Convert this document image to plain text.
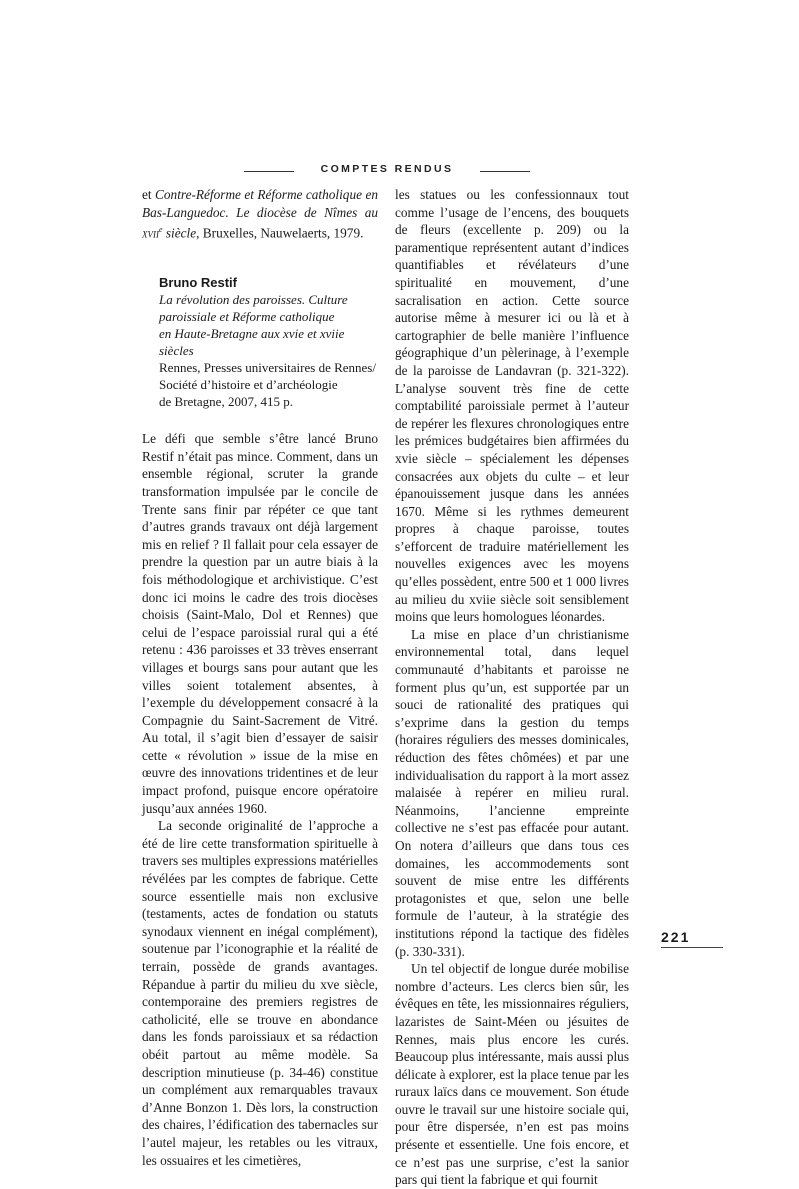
COMPTES RENDUS

et Contre-Réforme et Réforme catholique en Bas-Languedoc. Le diocèse de Nîmes au xvii$^e$ siècle, Bruxelles, Nauwelaerts, 1979.

Bruno Restif
La révolution des paroisses. Culture
paroissiale et Réforme catholique
en Haute-Bretagne aux xvie et xviie siècles
Rennes, Presses universitaires de Rennes/
Société d’histoire et d’archéologie
de Bretagne, 2007, 415 p.

Le défi que semble s’être lancé Bruno Restif n’était pas mince. Comment, dans un ensemble régional, scruter la grande transformation impulsée par le concile de Trente sans finir par répéter ce que tant d’autres grands travaux ont déjà largement mis en relief ? Il fallait pour cela essayer de prendre la question par un autre biais à la fois méthodologique et archivistique. C’est donc ici moins le cadre des trois diocèses choisis (Saint-Malo, Dol et Rennes) que celui de l’espace paroissial rural qui a été retenu : 436 paroisses et 33 trèves enserrant villages et bourgs sans pour autant que les villes soient totalement absentes, à l’exemple du développement consacré à la Compagnie du Saint-Sacrement de Vitré. Au total, il s’agit bien d’essayer de saisir cette « révolution » issue de la mise en œuvre des innovations tridentines et de leur impact profond, puisque encore opératoire jusqu’aux années 1960.

La seconde originalité de l’approche a été de lire cette transformation spirituelle à travers ses multiples expressions matérielles révélées par les comptes de fabrique. Cette source essentielle mais non exclusive (testaments, actes de fondation ou statuts synodaux viennent en inégal complément), soutenue par l’iconographie et la réalité de terrain, possède de grands avantages. Répandue à partir du milieu du xve siècle, contemporaine des premiers registres de catholicité, elle se trouve en abondance dans les fonds paroissiaux et sa rédaction obéit partout au même modèle. Sa description minutieuse (p. 34-46) constitue un complément aux remarquables travaux d’Anne Bonzon 1. Dès lors, la construction des chaires, l’édification des tabernacles sur l’autel majeur, les retables ou les vitraux, les ossuaires et les cimetières,

les statues ou les confessionnaux tout comme l’usage de l’encens, des bouquets de fleurs (excellente p. 209) ou la paramentique représentent autant d’indices quantifiables et révélateurs d’une spiritualité en mouvement, d’une sacralisation en action. Cette source autorise même à mesurer ici ou là et à cartographier de belle manière l’influence géographique d’un pèlerinage, à l’exemple de la paroisse de Landavran (p. 321-322). L’analyse souvent très fine de cette comptabilité paroissiale permet à l’auteur de repérer les flexures chronologiques entre les prémices budgétaires bien affirmées du xvie siècle – spécialement les dépenses consacrées aux objets du culte – et leur épanouissement jusque dans les années 1670. Même si les rythmes demeurent propres à chaque paroisse, toutes s’efforcent de traduire matériellement les nouvelles exigences avec les moyens qu’elles possèdent, entre 500 et 1 000 livres au milieu du xviie siècle soit sensiblement moins que leurs homologues léonardes.

La mise en place d’un christianisme environnemental total, dans lequel communauté d’habitants et paroisse ne forment plus qu’un, est supportée par un souci de rationalité des pratiques qui s’exprime dans la gestion du temps (horaires réguliers des messes dominicales, réduction des fêtes chômées) et par une individualisation du rapport à la mort assez malaisée à repérer en milieu rural. Néanmoins, l’ancienne empreinte collective ne s’est pas effacée pour autant. On notera d’ailleurs que dans tous ces domaines, les accommodements sont souvent de mise entre les différents protagonistes et que, selon une belle formule de l’auteur, à la stratégie des institutions répond la tactique des fidèles (p. 330-331).

Un tel objectif de longue durée mobilise nombre d’acteurs. Les clercs bien sûr, les évêques en tête, les missionnaires réguliers, lazaristes de Saint-Méen ou jésuites de Rennes, mais plus encore les curés. Beaucoup plus intéressante, mais aussi plus délicate à explorer, est la place tenue par les ruraux laïcs dans ce mouvement. Son étude ouvre le travail sur une histoire sociale qui, pour être dispersée, n’en est pas moins présente et essentielle. Une fois encore, et ce n’est pas une surprise, c’est la sanior pars qui tient la fabrique et qui fournit

221
